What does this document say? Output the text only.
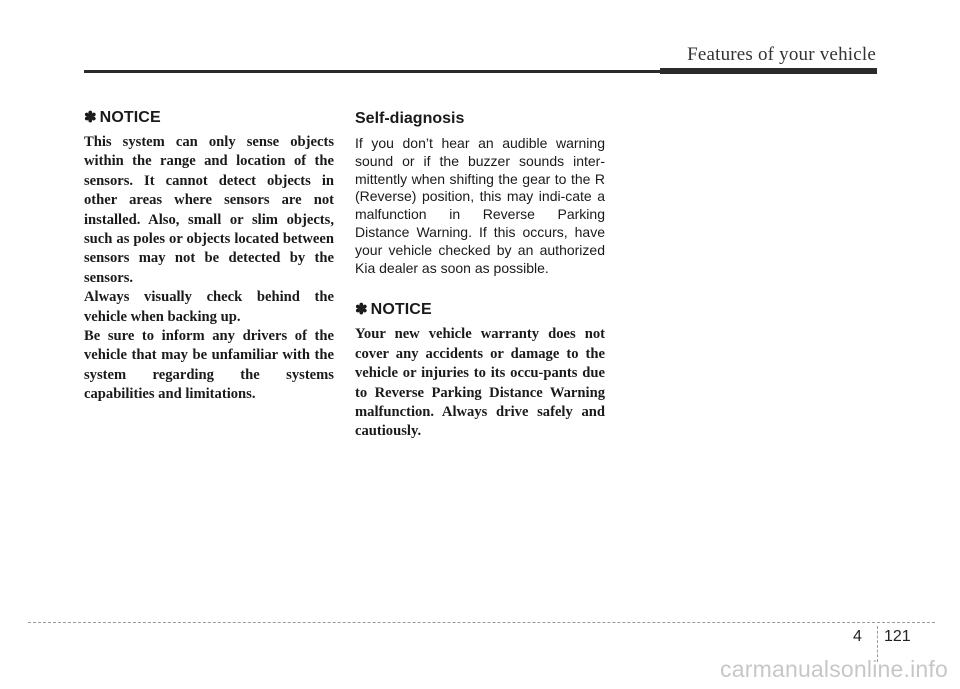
Features of your vehicle
✽ NOTICE

This system can only sense objects within the range and location of the sensors. It cannot detect objects in other areas where sensors are not installed. Also, small or slim objects, such as poles or objects located between sensors may not be detected by the sensors.

Always visually check behind the vehicle when backing up.

Be sure to inform any drivers of the vehicle that may be unfamiliar with the system regarding the systems capabilities and limitations.

Self-diagnosis

If you don’t hear an audible warning sound or if the buzzer sounds inter-mittently when shifting the gear to the R (Reverse) position, this may indi-cate a malfunction in Reverse Parking Distance Warning. If this occurs, have your vehicle checked by an authorized Kia dealer as soon as possible.

✽ NOTICE

Your new vehicle warranty does not cover any accidents or damage to the vehicle or injuries to its occu-pants due to Reverse Parking Distance Warning malfunction. Always drive safely and cautiously.

4 121
carmanualsonline.info
